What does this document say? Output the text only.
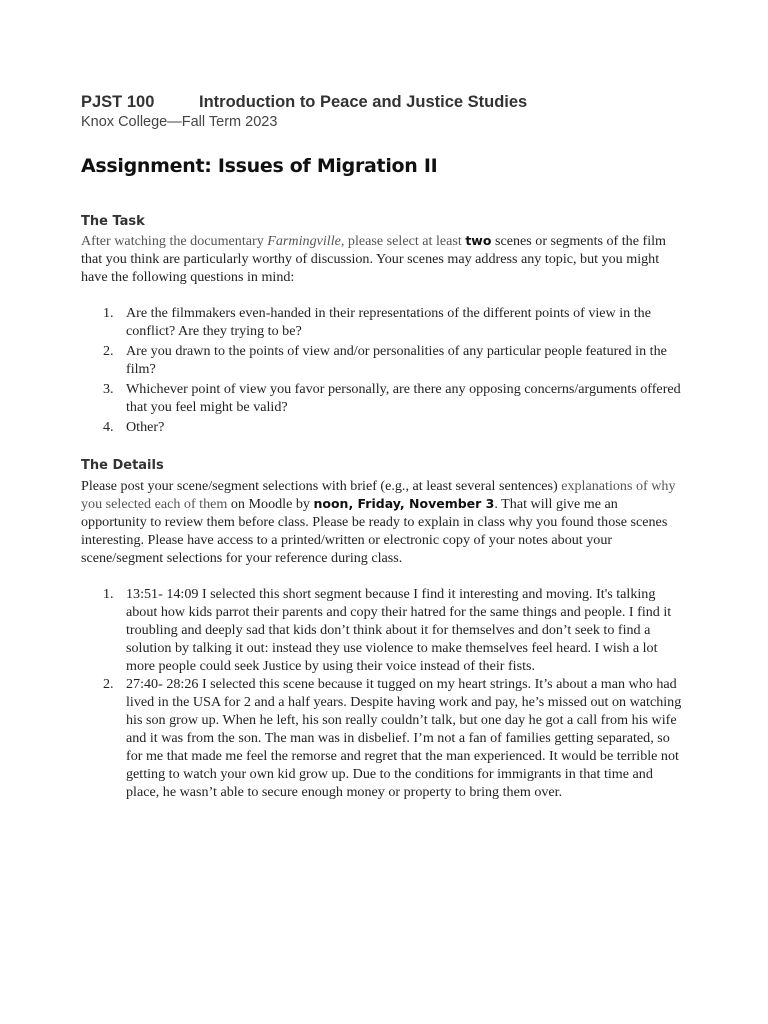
PJST 100	Introduction to Peace and Justice Studies
Knox College—Fall Term 2023
Assignment: Issues of Migration II
The Task

After watching the documentary Farmingville, please select at least two scenes or segments of the film that you think are particularly worthy of discussion. Your scenes may address any topic, but you might have the following questions in mind:

1. Are the filmmakers even-handed in their representations of the different points of view in the conflict? Are they trying to be?
2. Are you drawn to the points of view and/or personalities of any particular people featured in the film?
3. Whichever point of view you favor personally, are there any opposing concerns/arguments offered that you feel might be valid?
4. Other?
The Details

Please post your scene/segment selections with brief (e.g., at least several sentences) explanations of why you selected each of them on Moodle by noon, Friday, November 3. That will give me an opportunity to review them before class. Please be ready to explain in class why you found those scenes interesting. Please have access to a printed/written or electronic copy of your notes about your scene/segment selections for your reference during class.

1. 13:51- 14:09 I selected this short segment because I find it interesting and moving. It's talking about how kids parrot their parents and copy their hatred for the same things and people. I find it troubling and deeply sad that kids don’t think about it for themselves and don’t seek to find a solution by talking it out: instead they use violence to make themselves feel heard. I wish a lot more people could seek Justice by using their voice instead of their fists.
2. 27:40- 28:26 I selected this scene because it tugged on my heart strings. It’s about a man who had lived in the USA for 2 and a half years. Despite having work and pay, he’s missed out on watching his son grow up. When he left, his son really couldn’t talk, but one day he got a call from his wife and it was from the son. The man was in disbelief. I’m not a fan of families getting separated, so for me that made me feel the remorse and regret that the man experienced. It would be terrible not getting to watch your own kid grow up. Due to the conditions for immigrants in that time and place, he wasn’t able to secure enough money or property to bring them over.
